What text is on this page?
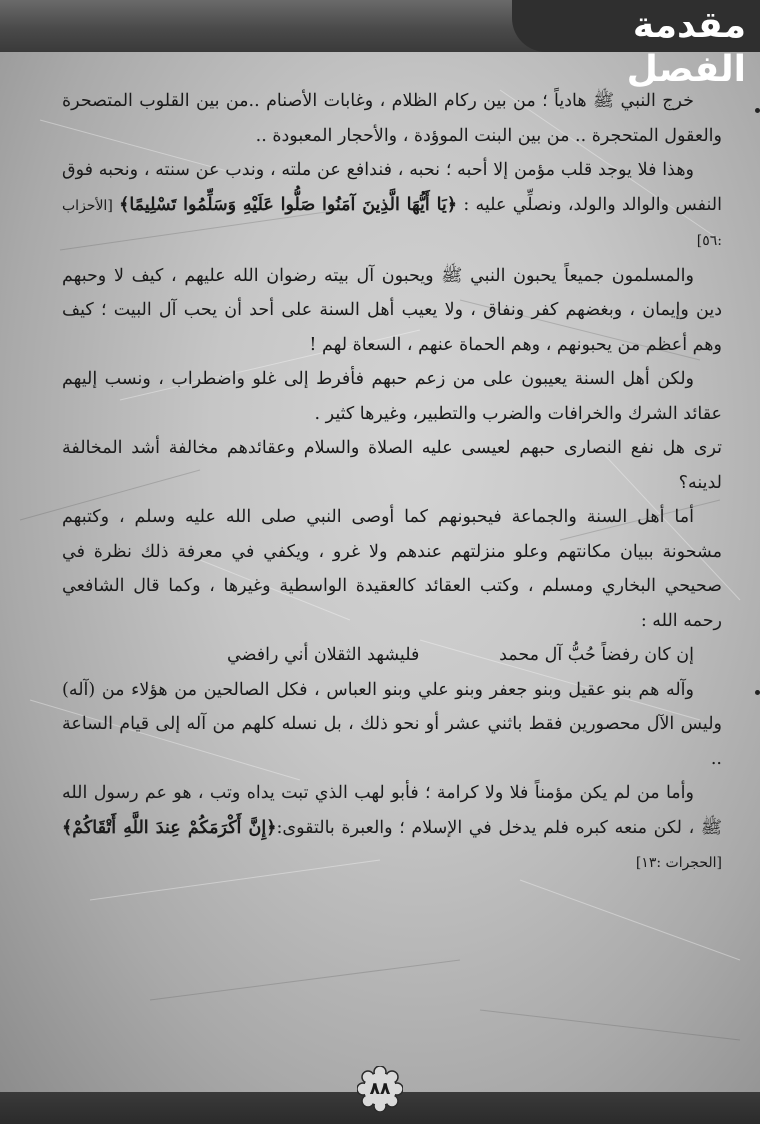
مقدمة الفصل

خرج النبي ﷺ هادياً ؛ من بين ركام الظلام ، وغابات الأصنام ..من بين القلوب المتصحرة والعقول المتحجرة .. من بين البنت الموؤدة ، والأحجار المعبودة ..

وهذا فلا يوجد قلب مؤمن إلا أحبه ؛ نحبه ، فندافع عن ملته ، وندب عن سنته ، ونحبه فوق النفس والوالد والولد، ونصلِّي عليه : ﴿يَا أَيُّهَا الَّذِينَ آمَنُوا صَلُّوا عَلَيْهِ وَسَلِّمُوا تَسْلِيمًا﴾ [الأحزاب :٥٦]

والمسلمون جميعاً يحبون النبي ﷺ ويحبون آل بيته رضوان الله عليهم ، كيف لا وحبهم دين وإيمان ، وبغضهم كفر ونفاق ، ولا يعيب أهل السنة على أحد أن يحب آل البيت ؛ كيف وهم أعظم من يحبونهم ، وهم الحماة عنهم ، السعاة لهم !

ولكن أهل السنة يعيبون على من زعم حبهم فأفرط إلى غلو واضطراب ، ونسب إليهم عقائد الشرك والخرافات والضرب والتطبير، وغيرها كثير .

ترى هل نفع النصارى حبهم لعيسى عليه الصلاة والسلام وعقائدهم مخالفة أشد المخالفة لدينه؟

أما أهل السنة والجماعة فيحبونهم كما أوصى النبي صلى الله عليه وسلم ، وكتبهم مشحونة ببيان مكانتهم وعلو منزلتهم عندهم ولا غرو ، ويكفي في معرفة ذلك نظرة في صحيحي البخاري ومسلم ، وكتب العقائد كالعقيدة الواسطية وغيرها ، وكما قال الشافعي رحمه الله :

إن كان رفضاً حُبُّ آل محمد
فليشهد الثقلان أني رافضي

وآله هم بنو عقيل وبنو جعفر وبنو علي وبنو العباس ، فكل الصالحين من هؤلاء من (آله) وليس الآل محصورين فقط باثني عشر أو نحو ذلك ، بل نسله كلهم من آله إلى قيام الساعة ..

وأما من لم يكن مؤمناً فلا ولا كرامة ؛ فأبو لهب الذي تبت يداه وتب ، هو عم رسول الله ﷺ ، لكن منعه كبره فلم يدخل في الإسلام ؛ والعبرة بالتقوى:﴿إِنَّ أَكْرَمَكُمْ عِندَ اللَّهِ أَتْقَاكُمْ﴾[الحجرات :١٣]

٨٨
